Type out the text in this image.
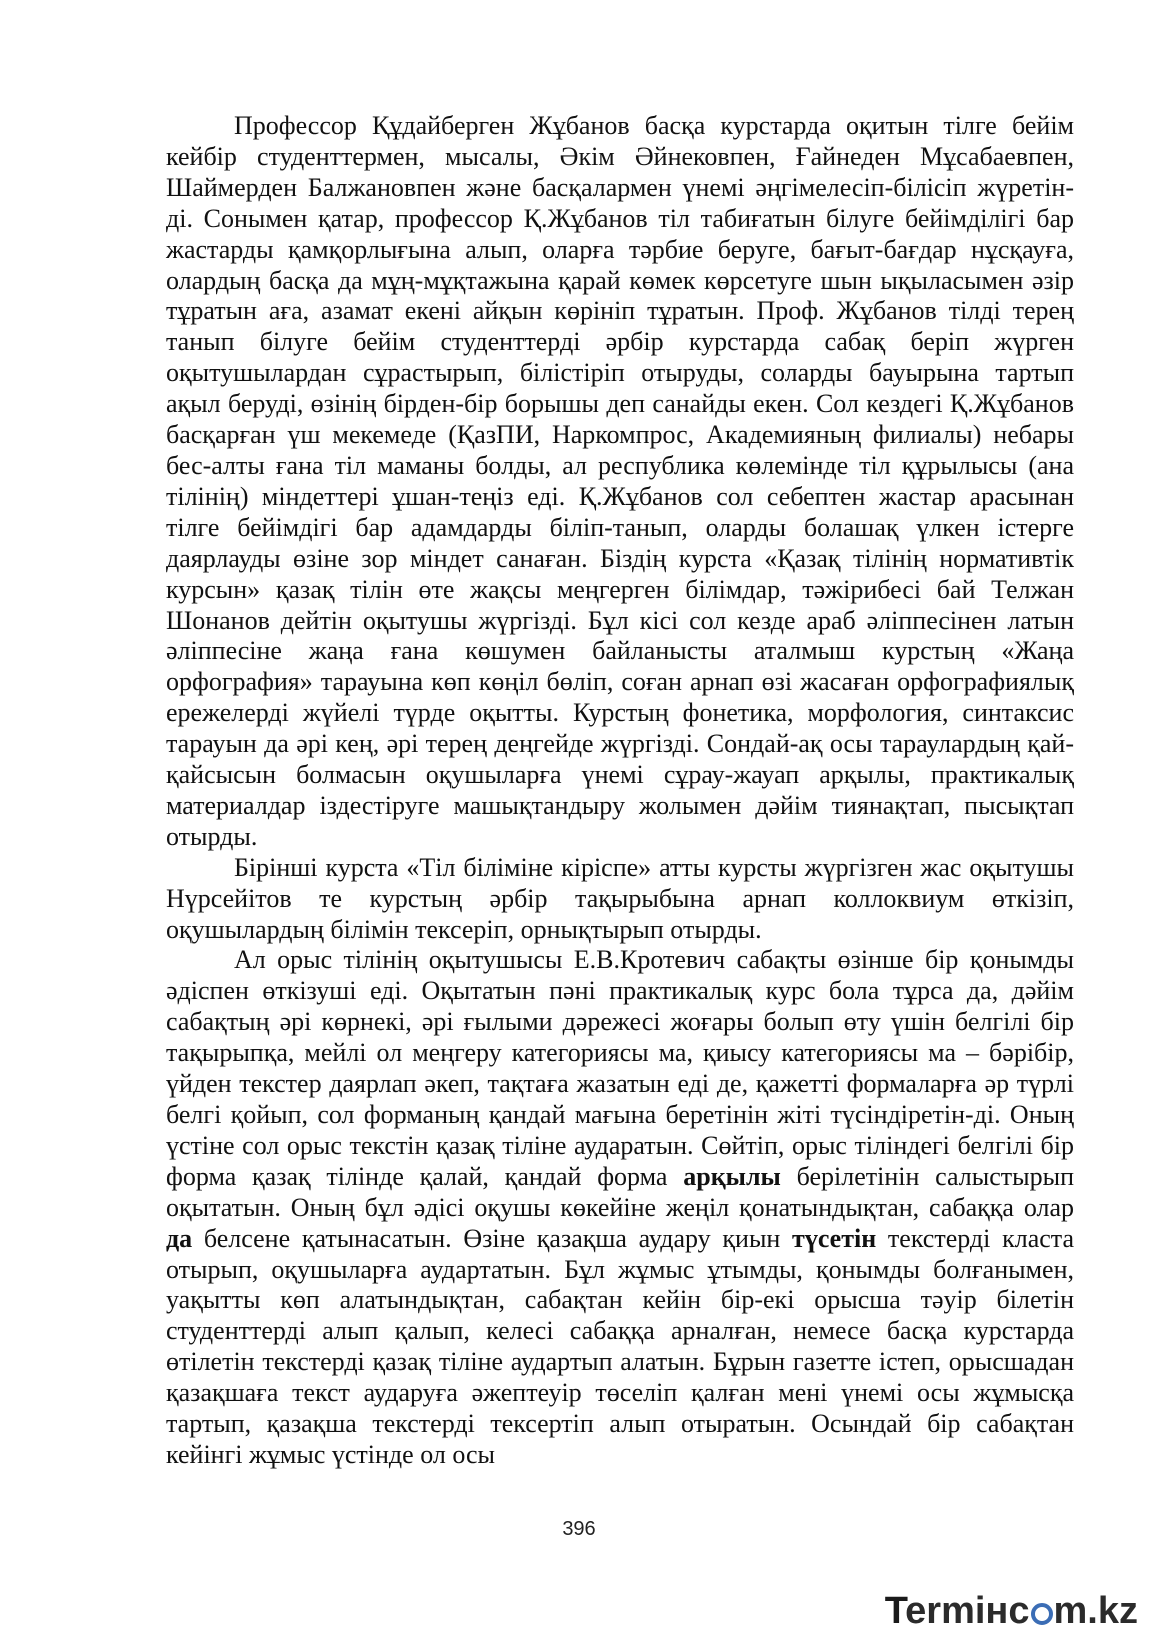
Профессор Құдайберген Жұбанов басқа курстарда оқитын тілге бейім кейбір студенттермен, мысалы, Әкім Әйнековпен, Ғайнеден Мұсабаевпен, Шаймерден Балжановпен және басқалармен үнемі әңгімелесіп-білісіп жүретін-ді. Сонымен қатар, профессор Қ.Жұбанов тіл табиғатын білуге бейімділігі бар жастарды қамқорлығына алып, оларға тәрбие беруге, бағыт-бағдар нұсқауға, олардың басқа да мұң-мұқтажына қарай көмек көрсетуге шын ықыласымен әзір тұратын аға, азамат екені айқын көрініп тұратын. Проф. Жұбанов тілді терең танып білуге бейім студенттерді әрбір курстарда сабақ беріп жүрген оқытушылардан сұрастырып, білістіріп отыруды, соларды бауырына тартып ақыл беруді, өзінің бірден-бір борышы деп санайды екен. Сол кездегі Қ.Жұбанов басқарған үш мекемеде (ҚазПИ, Наркомпрос, Академияның филиалы) небары бес-алты ғана тіл маманы болды, ал республика көлемінде тіл құрылысы (ана тілінің) міндеттері ұшан-теңіз еді. Қ.Жұбанов сол себептен жастар арасынан тілге бейімдігі бар адамдарды біліп-танып, оларды болашақ үлкен істерге даярлауды өзіне зор міндет санаған. Біздің курста «Қазақ тілінің нормативтік курсын» қазақ тілін өте жақсы меңгерген білімдар, тәжірибесі бай Телжан Шонанов дейтін оқытушы жүргізді. Бұл кісі сол кезде араб әліппесінен латын әліппесіне жаңа ғана көшумен байланысты аталмыш курстың «Жаңа орфография» тарауына көп көңіл бөліп, соған арнап өзі жасаған орфографиялық ережелерді жүйелі түрде оқытты. Курстың фонетика, морфология, синтаксис тарауын да әрі кең, әрі терең деңгейде жүргізді. Сондай-ақ осы тараулардың қай-қайсысын болмасын оқушыларға үнемі сұрау-жауап арқылы, практикалық материалдар іздестіруге машықтандыру жолымен дәйім тиянақтап, пысықтап отырды.

Бірінші курста «Тіл біліміне кіріспе» атты курсты жүргізген жас оқытушы Нүрсейітов те курстың әрбір тақырыбына арнап коллоквиум өткізіп, оқушылардың білімін тексеріп, орнықтырып отырды.

Ал орыс тілінің оқытушысы Е.В.Кротевич сабақты өзінше бір қонымды әдіспен өткізуші еді. Оқытатын пәні практикалық курс бола тұрса да, дәйім сабақтың әрі көрнекі, әрі ғылыми дәрежесі жоғары болып өту үшін белгілі бір тақырыпқа, мейлі ол меңгеру категориясы ма, қиысу категориясы ма – бәрібір, үйден текстер даярлап әкеп, тақтаға жазатын еді де, қажетті формаларға әр түрлі белгі қойып, сол форманың қандай мағына беретінін жіті түсіндіретін-ді. Оның үстіне сол орыс текстін қазақ тіліне аударатын. Сөйтіп, орыс тіліндегі белгілі бір форма қазақ тілінде қалай, қандай форма арқылы берілетінін салыстырып оқытатын. Оның бұл әдісі оқушы көкейіне жеңіл қонатындықтан, сабаққа олар да белсене қатынасатын. Өзіне қазақша аудару қиын түсетін текстерді класта отырып, оқушыларға аудартатын. Бұл жұмыс ұтымды, қонымды болғанымен, уақытты көп алатындықтан, сабақтан кейін бір-екі орысша тәуір білетін студенттерді алып қалып, келесі сабаққа арналған, немесе басқа курстарда өтілетін текстерді қазақ тіліне аудартып алатын. Бұрын газетте істеп, орысшадан қазақшаға текст аударуға әжептеуір төселіп қалған мені үнемі осы жұмысқа тартып, қазақша текстерді тексертіп алып отыратын. Осындай бір сабақтан кейінгі жұмыс үстінде ол осы

396
Termiнc m.kz
